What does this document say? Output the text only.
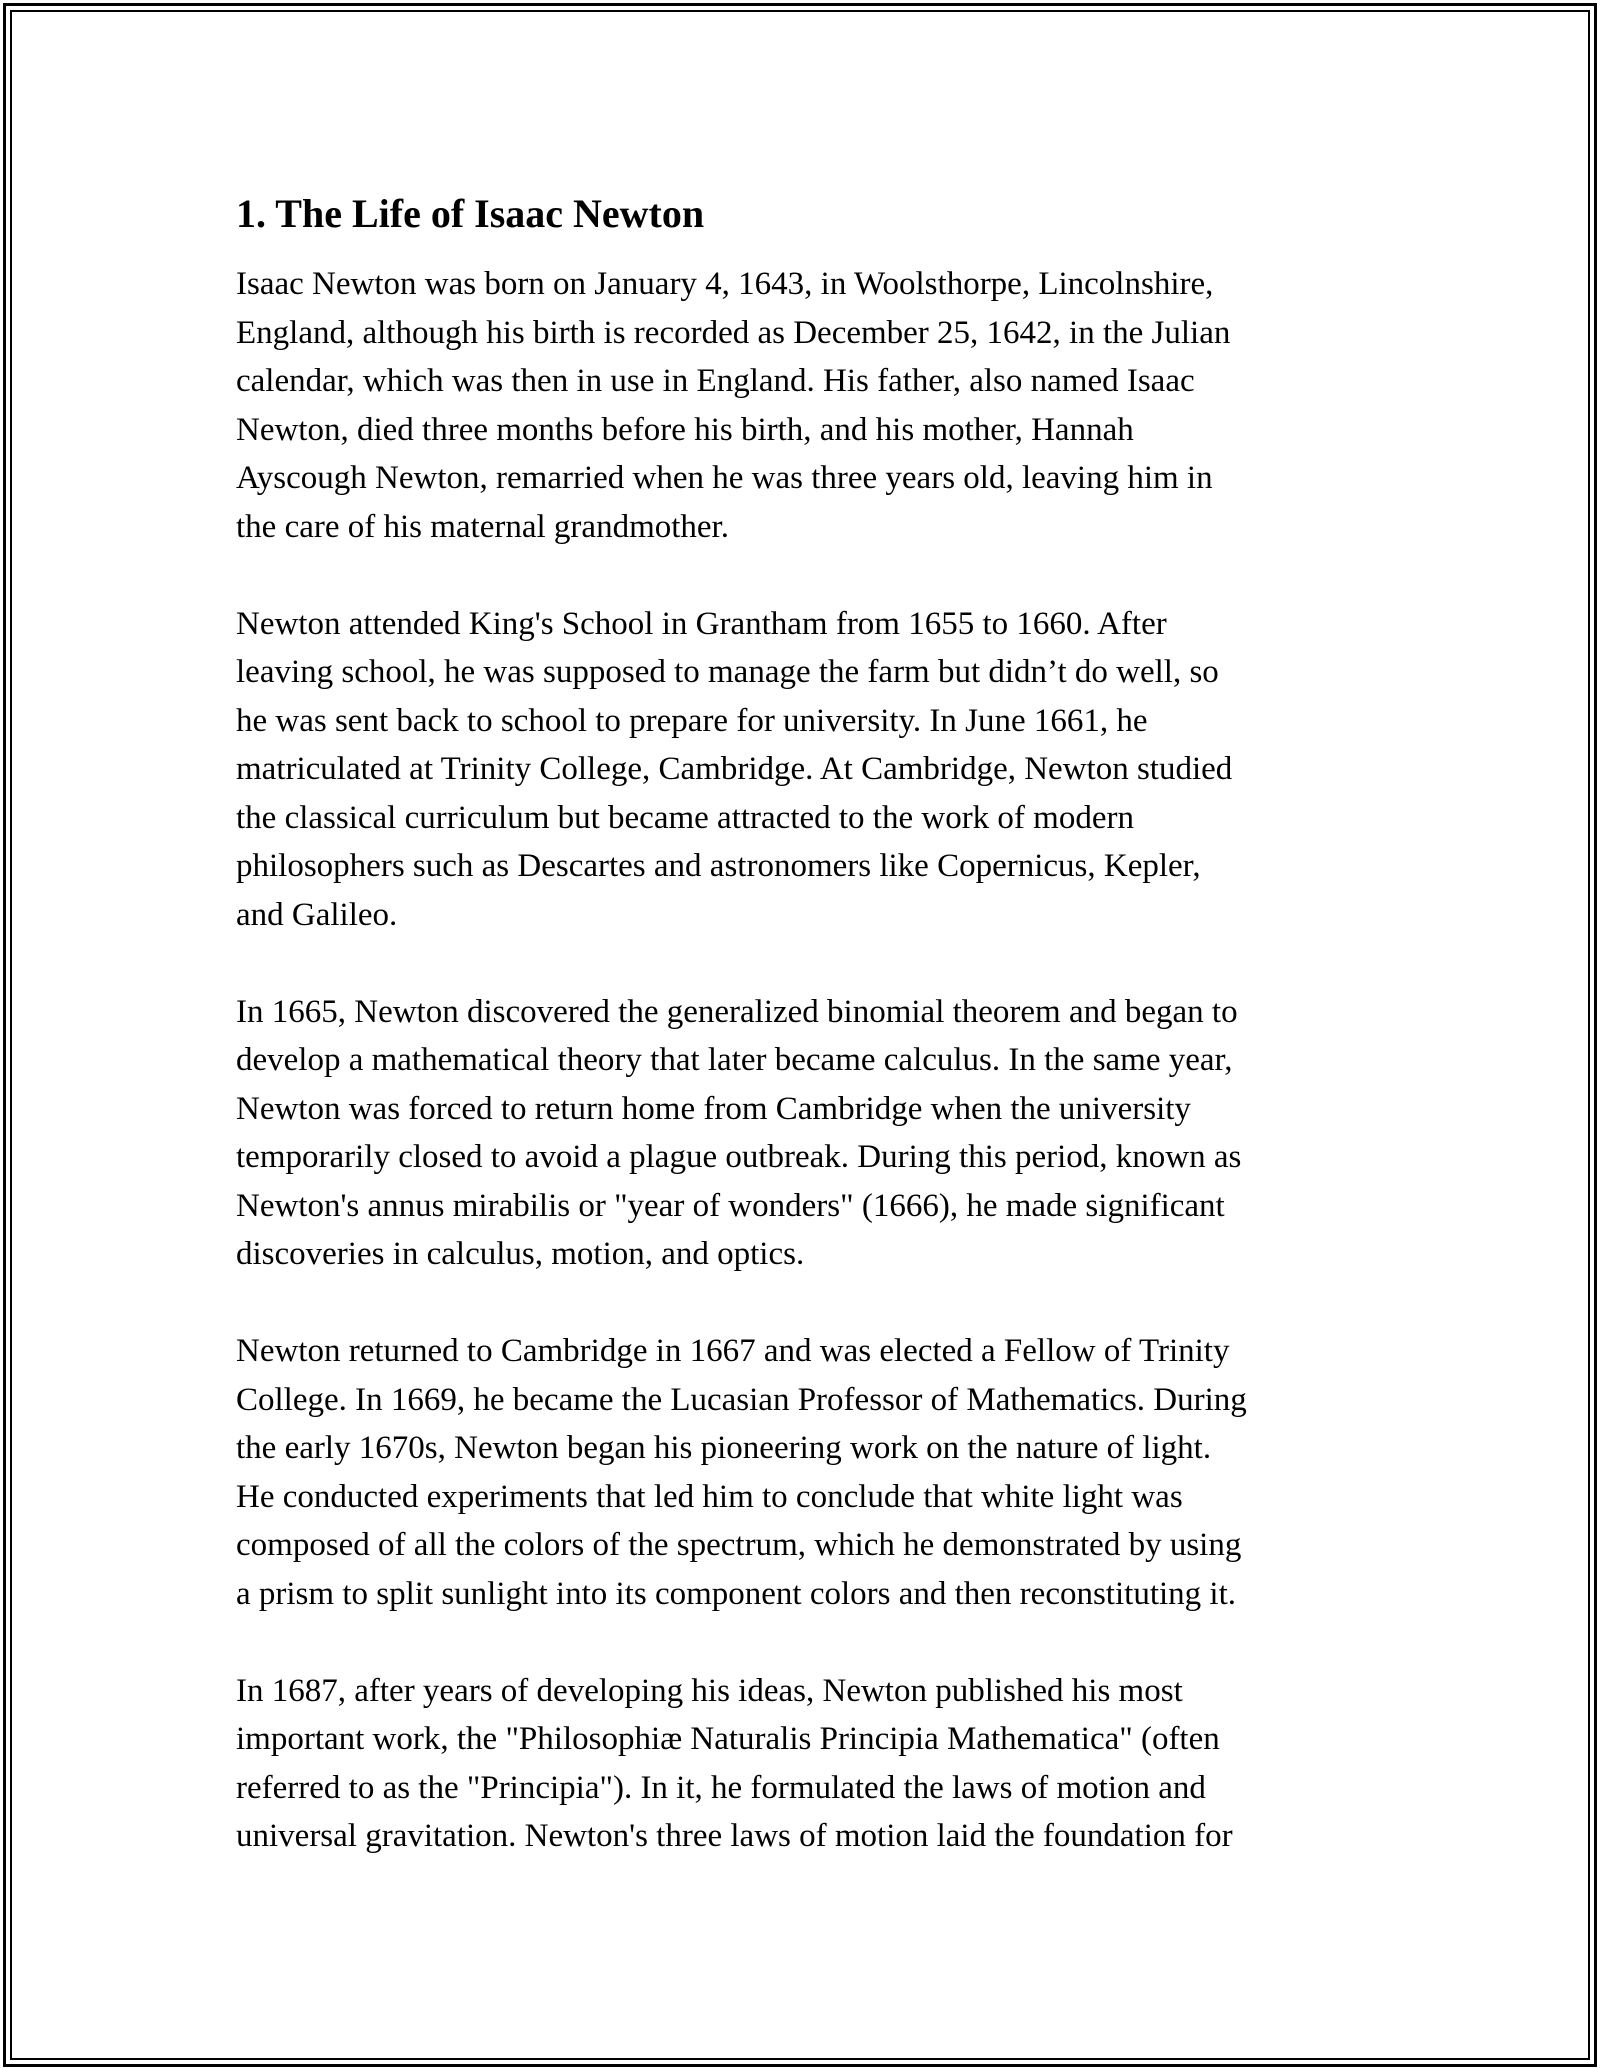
1. The Life of Isaac Newton

Isaac Newton was born on January 4, 1643, in Woolsthorpe, Lincolnshire,
England, although his birth is recorded as December 25, 1642, in the Julian
calendar, which was then in use in England. His father, also named Isaac
Newton, died three months before his birth, and his mother, Hannah
Ayscough Newton, remarried when he was three years old, leaving him in
the care of his maternal grandmother.

Newton attended King's School in Grantham from 1655 to 1660. After
leaving school, he was supposed to manage the farm but didn’t do well, so
he was sent back to school to prepare for university. In June 1661, he
matriculated at Trinity College, Cambridge. At Cambridge, Newton studied
the classical curriculum but became attracted to the work of modern
philosophers such as Descartes and astronomers like Copernicus, Kepler,
and Galileo.

In 1665, Newton discovered the generalized binomial theorem and began to
develop a mathematical theory that later became calculus. In the same year,
Newton was forced to return home from Cambridge when the university
temporarily closed to avoid a plague outbreak. During this period, known as
Newton's annus mirabilis or "year of wonders" (1666), he made significant
discoveries in calculus, motion, and optics.

Newton returned to Cambridge in 1667 and was elected a Fellow of Trinity
College. In 1669, he became the Lucasian Professor of Mathematics. During
the early 1670s, Newton began his pioneering work on the nature of light.
He conducted experiments that led him to conclude that white light was
composed of all the colors of the spectrum, which he demonstrated by using
a prism to split sunlight into its component colors and then reconstituting it.

In 1687, after years of developing his ideas, Newton published his most
important work, the "Philosophiæ Naturalis Principia Mathematica" (often
referred to as the "Principia"). In it, he formulated the laws of motion and
universal gravitation. Newton's three laws of motion laid the foundation for
